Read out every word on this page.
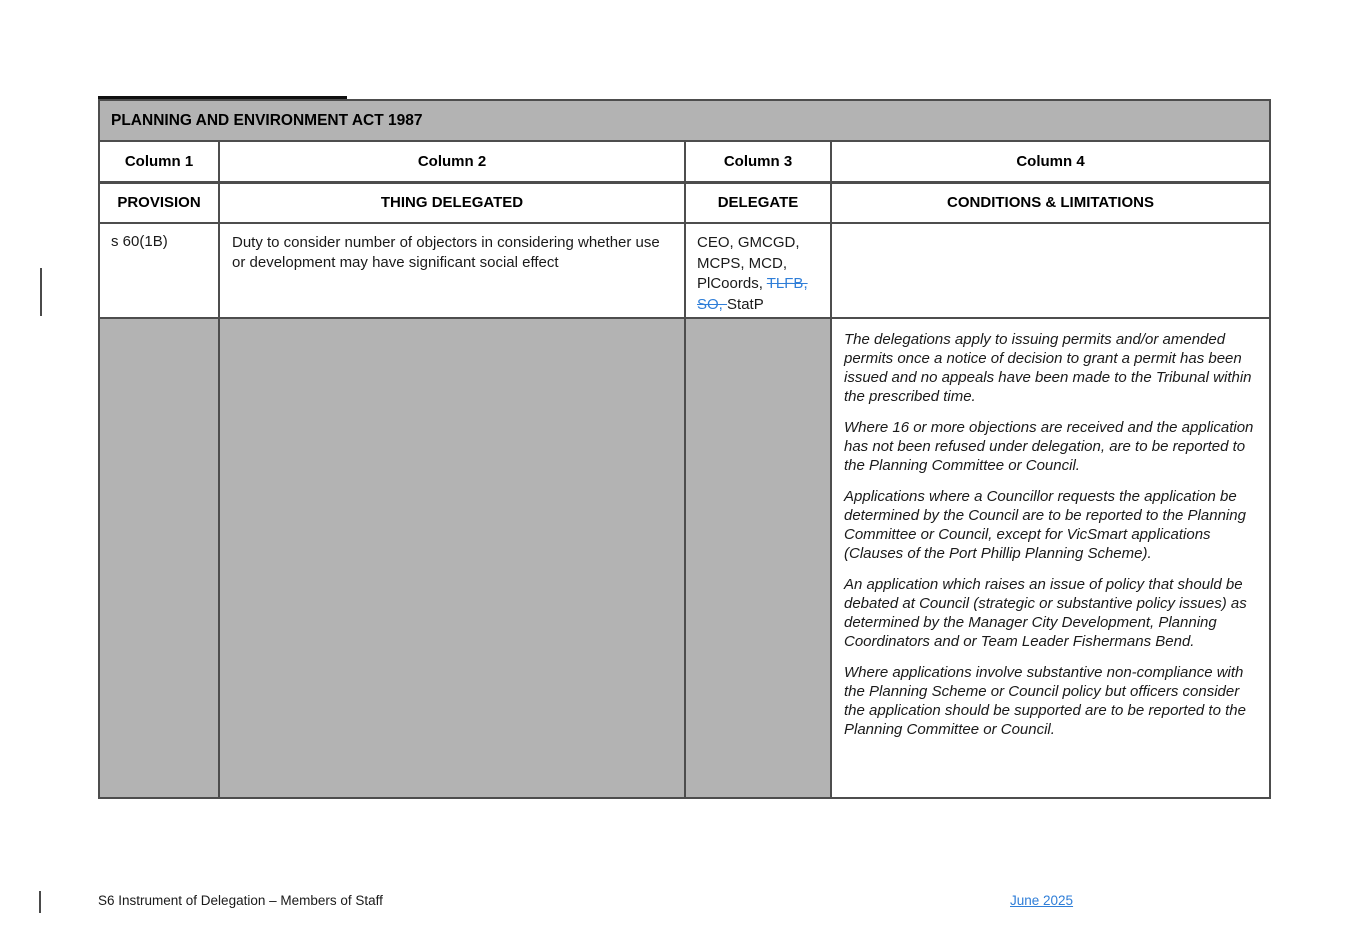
PLANNING AND ENVIRONMENT ACT 1987			
Column 1	Column 2	Column 3	Column 4
PROVISION	THING DELEGATED	DELEGATE	CONDITIONS & LIMITATIONS
s 60(1B)	Duty to consider number of objectors in considering whether use or development may have significant social effect	CEO, GMCGD, MCPS, MCD, PlCoords, TLFB, SO, StatP	

			The delegations apply to issuing permits and/or amended permits once a notice of decision to grant a permit has been issued and no appeals have been made to the Tribunal within the prescribed time.

Where 16 or more objections are received and the application has not been refused under delegation, are to be reported to the Planning Committee or Council.

Applications where a Councillor requests the application be determined by the Council are to be reported to the Planning Committee or Council, except for VicSmart applications (Clauses of the Port Phillip Planning Scheme).

An application which raises an issue of policy that should be debated at Council (strategic or substantive policy issues) as determined by the Manager City Development, Planning Coordinators and or Team Leader Fishermans Bend.

Where applications involve substantive non-compliance with the Planning Scheme or Council policy but officers consider the application should be supported are to be reported to the Planning Committee or Council.

S6 Instrument of Delegation – Members of Staff	June 2025
